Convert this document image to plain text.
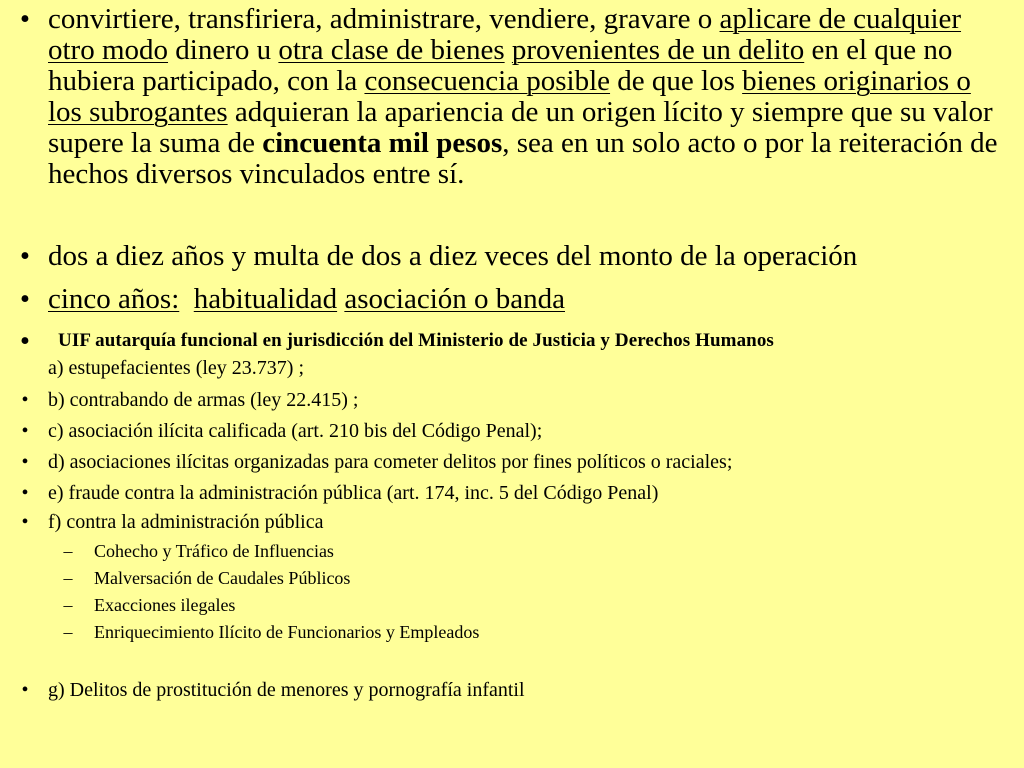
• convirtiere, transfiriera, administrare, vendiere, gravare o aplicare de cualquier otro modo dinero u otra clase de bienes provenientes de un delito en el que no hubiera participado, con la consecuencia posible de que los bienes originarios o los subrogantes adquieran la apariencia de un origen lícito y siempre que su valor supere la suma de cincuenta mil pesos, sea en un solo acto o por la reiteración de hechos diversos vinculados entre sí.
• dos a diez años y multa de dos a diez veces del monto de la operación
• cinco años: habitualidad asociación o banda
• UIF autarquía funcional en jurisdicción del Ministerio de Justicia y Derechos Humanos
a) estupefacientes (ley 23.737) ;
• b) contrabando de armas (ley 22.415) ;
• c) asociación ilícita calificada (art. 210 bis del Código Penal);
• d) asociaciones ilícitas organizadas para cometer delitos por fines políticos o raciales;
• e) fraude contra la administración pública (art. 174, inc. 5 del Código Penal)
• f) contra la administración pública
– Cohecho y Tráfico de Influencias
– Malversación de Caudales Públicos
– Exacciones ilegales
– Enriquecimiento Ilícito de Funcionarios y Empleados
• g) Delitos de prostitución de menores y pornografía infantil
